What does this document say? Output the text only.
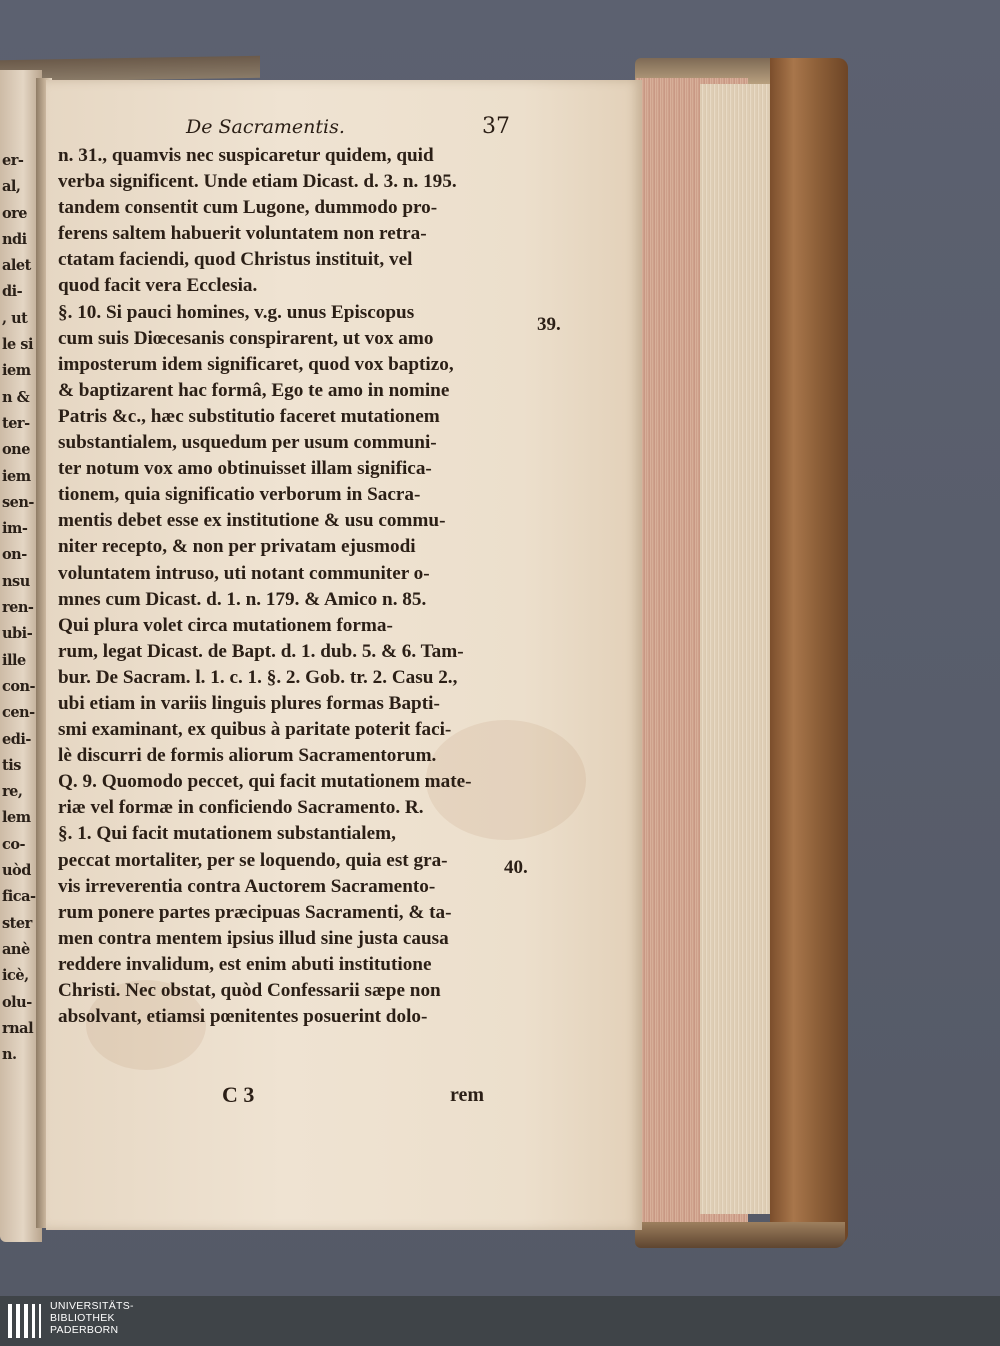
er-
al,
ore
ndi
alet
di-
, ut
le si
iem
n &
ter-
one
iem
sen-
im-
on-
nsu
ren-
ubi-
ille
con-
cen-
edi-
tis
re,
lem
co-
uòd
fica-
ster
anè
icè,
olu-
rnal
n.
De Sacramentis.	37
n. 31., quamvis nec suspicaretur quidem, quid
verba significent. Unde etiam Dicast. d. 3. n. 195.
tandem consentit cum Lugone, dummodo pro-
ferens saltem habuerit voluntatem non retra-
ctatam faciendi, quod Christus instituit, vel
quod facit vera Ecclesia.
§. 10. Si pauci homines, v.g. unus Episcopus
cum suis Diœcesanis conspirarent, ut vox amo
imposterum idem significaret, quod vox baptizo,
& baptizarent hac formâ, Ego te amo in nomine
Patris &c., hæc substitutio faceret mutationem
substantialem, usquedum per usum communi-
ter notum vox amo obtinuisset illam significa-
tionem, quia significatio verborum in Sacra-
mentis debet esse ex institutione & usu commu-
niter recepto, & non per privatam ejusmodi
voluntatem intruso, uti notant communiter o-
mnes cum Dicast. d. 1. n. 179. & Amico n. 85.
Qui plura volet circa mutationem forma-
rum, legat Dicast. de Bapt. d. 1. dub. 5. & 6. Tam-
bur. De Sacram. l. 1. c. 1. §. 2. Gob. tr. 2. Casu 2.,
ubi etiam in variis linguis plures formas Bapti-
smi examinant, ex quibus à paritate poterit faci-
lè discurri de formis aliorum Sacramentorum.
Q. 9. Quomodo peccet, qui facit mutationem mate-
riæ vel formæ in conficiendo Sacramento. R.
§. 1. Qui facit mutationem substantialem,
peccat mortaliter, per se loquendo, quia est gra-
vis irreverentia contra Auctorem Sacramento-
rum ponere partes præcipuas Sacramenti, & ta-
men contra mentem ipsius illud sine justa causa
reddere invalidum, est enim abuti institutione
Christi. Nec obstat, quòd Confessarii sæpe non
absolvant, etiamsi pœnitentes posuerint dolo-
39.
40.
C 3	rem
UNIVERSITÄTS-
BIBLIOTHEK
PADERBORN
